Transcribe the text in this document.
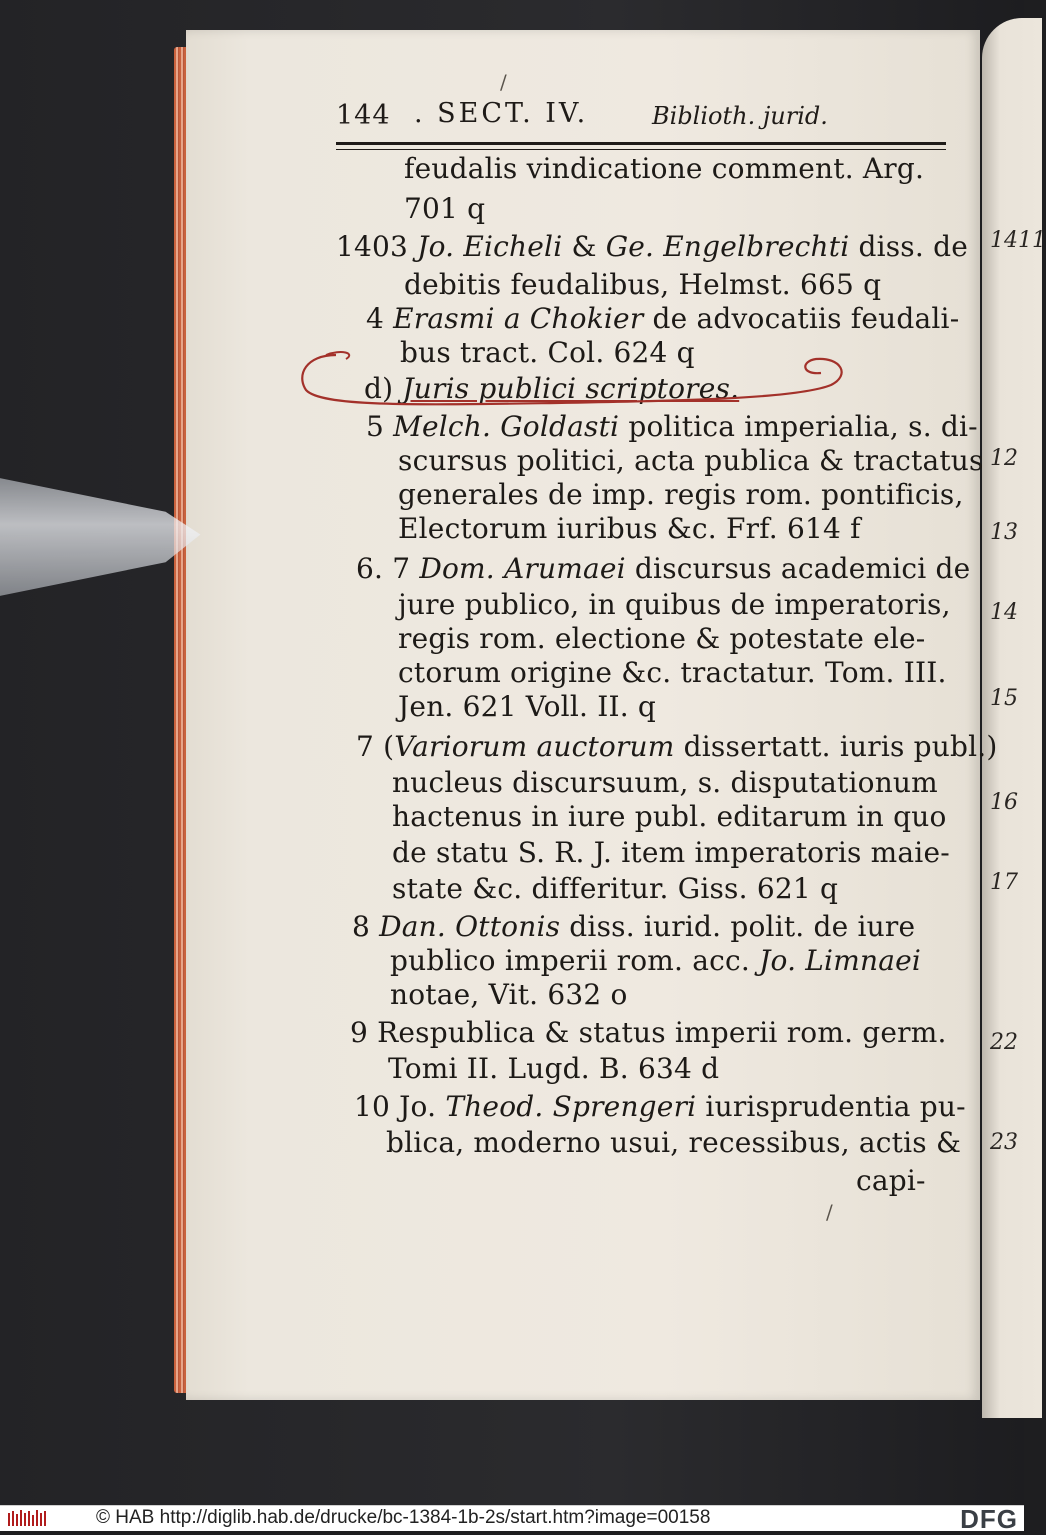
144 . SECT. IV.	Biblioth. jurid.
feudalis vindicatione comment. Arg.
701 q
1403 Jo. Eicheli & Ge. Engelbrechti diss. de
debitis feudalibus, Helmst. 665 q
4 Erasmi a Chokier de advocatiis feudali-
bus tract. Col. 624 q
d) Juris publici scriptores.
5 Melch. Goldasti politica imperialia, s. di-
scursus politici, acta publica & tractatus
generales de imp. regis rom. pontificis,
Electorum iuribus &c. Frf. 614 f
6. 7 Dom. Arumaei discursus academici de
jure publico, in quibus de imperatoris,
regis rom. electione & potestate ele-
ctorum origine &c. tractatur. Tom. III.
Jen. 621 Voll. II. q
7 (Variorum auctorum dissertatt. iuris publ.)
nucleus discursuum, s. disputationum
hactenus in iure publ. editarum in quo
de statu S. R. J. item imperatoris maie-
state &c. differitur. Giss. 621 q
8 Dan. Ottonis diss. iurid. polit. de iure
publico imperii rom. acc. Jo. Limnaei
notae, Vit. 632 o
9 Respublica & status imperii rom. germ.
Tomi II. Lugd. B. 634 d
10 Jo. Theod. Sprengeri iurisprudentia pu-
blica, moderno usui, recessibus, actis &
capi-
/
/
1411
12
13
14
15
16
17
22
23
© HAB http://diglib.hab.de/drucke/bc-1384-1b-2s/start.htm?image=00158	DFG
